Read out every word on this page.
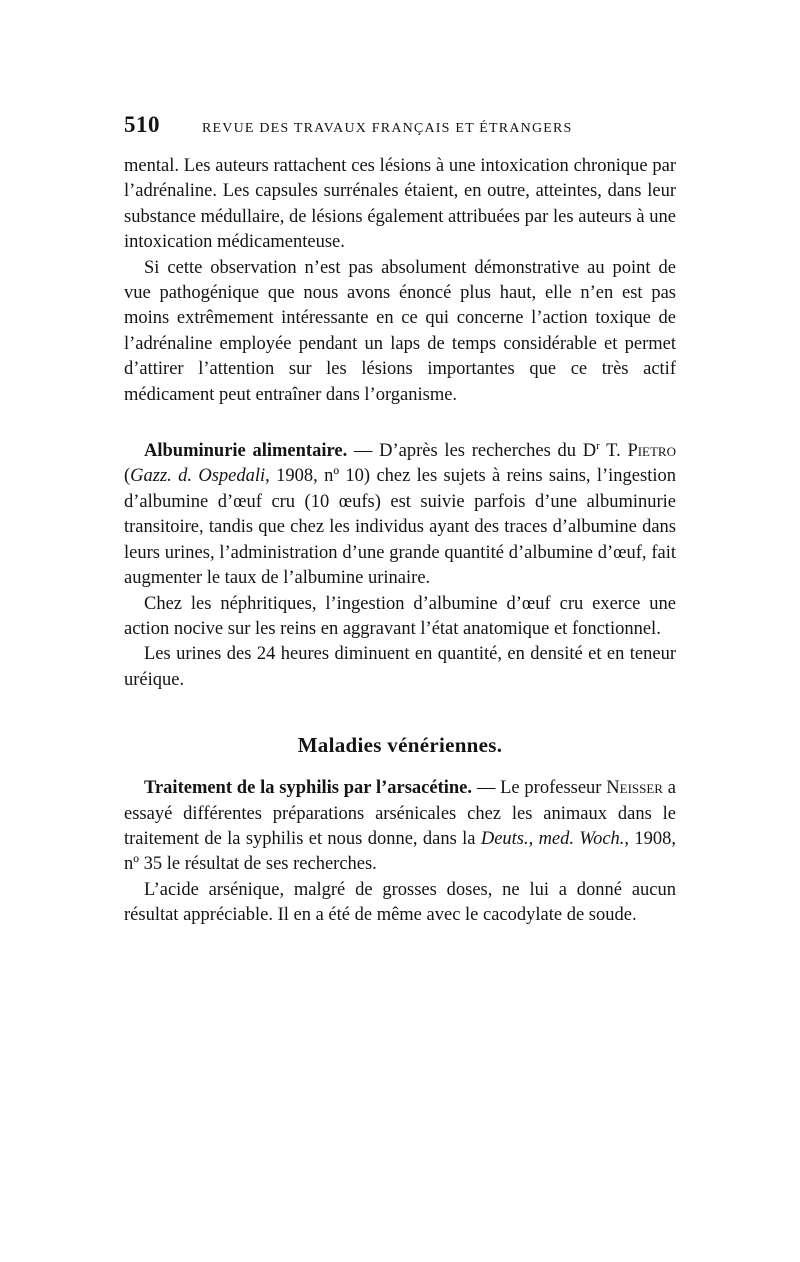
510	REVUE DES TRAVAUX FRANÇAIS ET ÉTRANGERS

mental. Les auteurs rattachent ces lésions à une intoxication chronique par l’adrénaline. Les capsules surrénales étaient, en outre, atteintes, dans leur substance médullaire, de lésions également attribuées par les auteurs à une intoxication médicamenteuse.

Si cette observation n’est pas absolument démonstrative au point de vue pathogénique que nous avons énoncé plus haut, elle n’en est pas moins extrêmement intéressante en ce qui concerne l’action toxique de l’adrénaline employée pendant un laps de temps considérable et permet d’attirer l’attention sur les lésions importantes que ce très actif médicament peut entraîner dans l’organisme.

Albuminurie alimentaire. — D’après les recherches du $D^r$ T. Pietro (Gazz. d. Ospedali, 1908, nº 10) chez les sujets à reins sains, l’ingestion d’albumine d’œuf cru (10 œufs) est suivie parfois d’une albuminurie transitoire, tandis que chez les individus ayant des traces d’albumine dans leurs urines, l’administration d’une grande quantité d’albumine d’œuf, fait augmenter le taux de l’albumine urinaire.

Chez les néphritiques, l’ingestion d’albumine d’œuf cru exerce une action nocive sur les reins en aggravant l’état anatomique et fonctionnel.

Les urines des 24 heures diminuent en quantité, en densité et en teneur uréique.

Maladies vénériennes.

Traitement de la syphilis par l’arsacétine. — Le professeur Neisser a essayé différentes préparations arsénicales chez les animaux dans le traitement de la syphilis et nous donne, dans la Deuts., med. Woch., 1908, nº 35 le résultat de ses recherches.

L’acide arsénique, malgré de grosses doses, ne lui a donné aucun résultat appréciable. Il en a été de même avec le cacodylate de soude.
